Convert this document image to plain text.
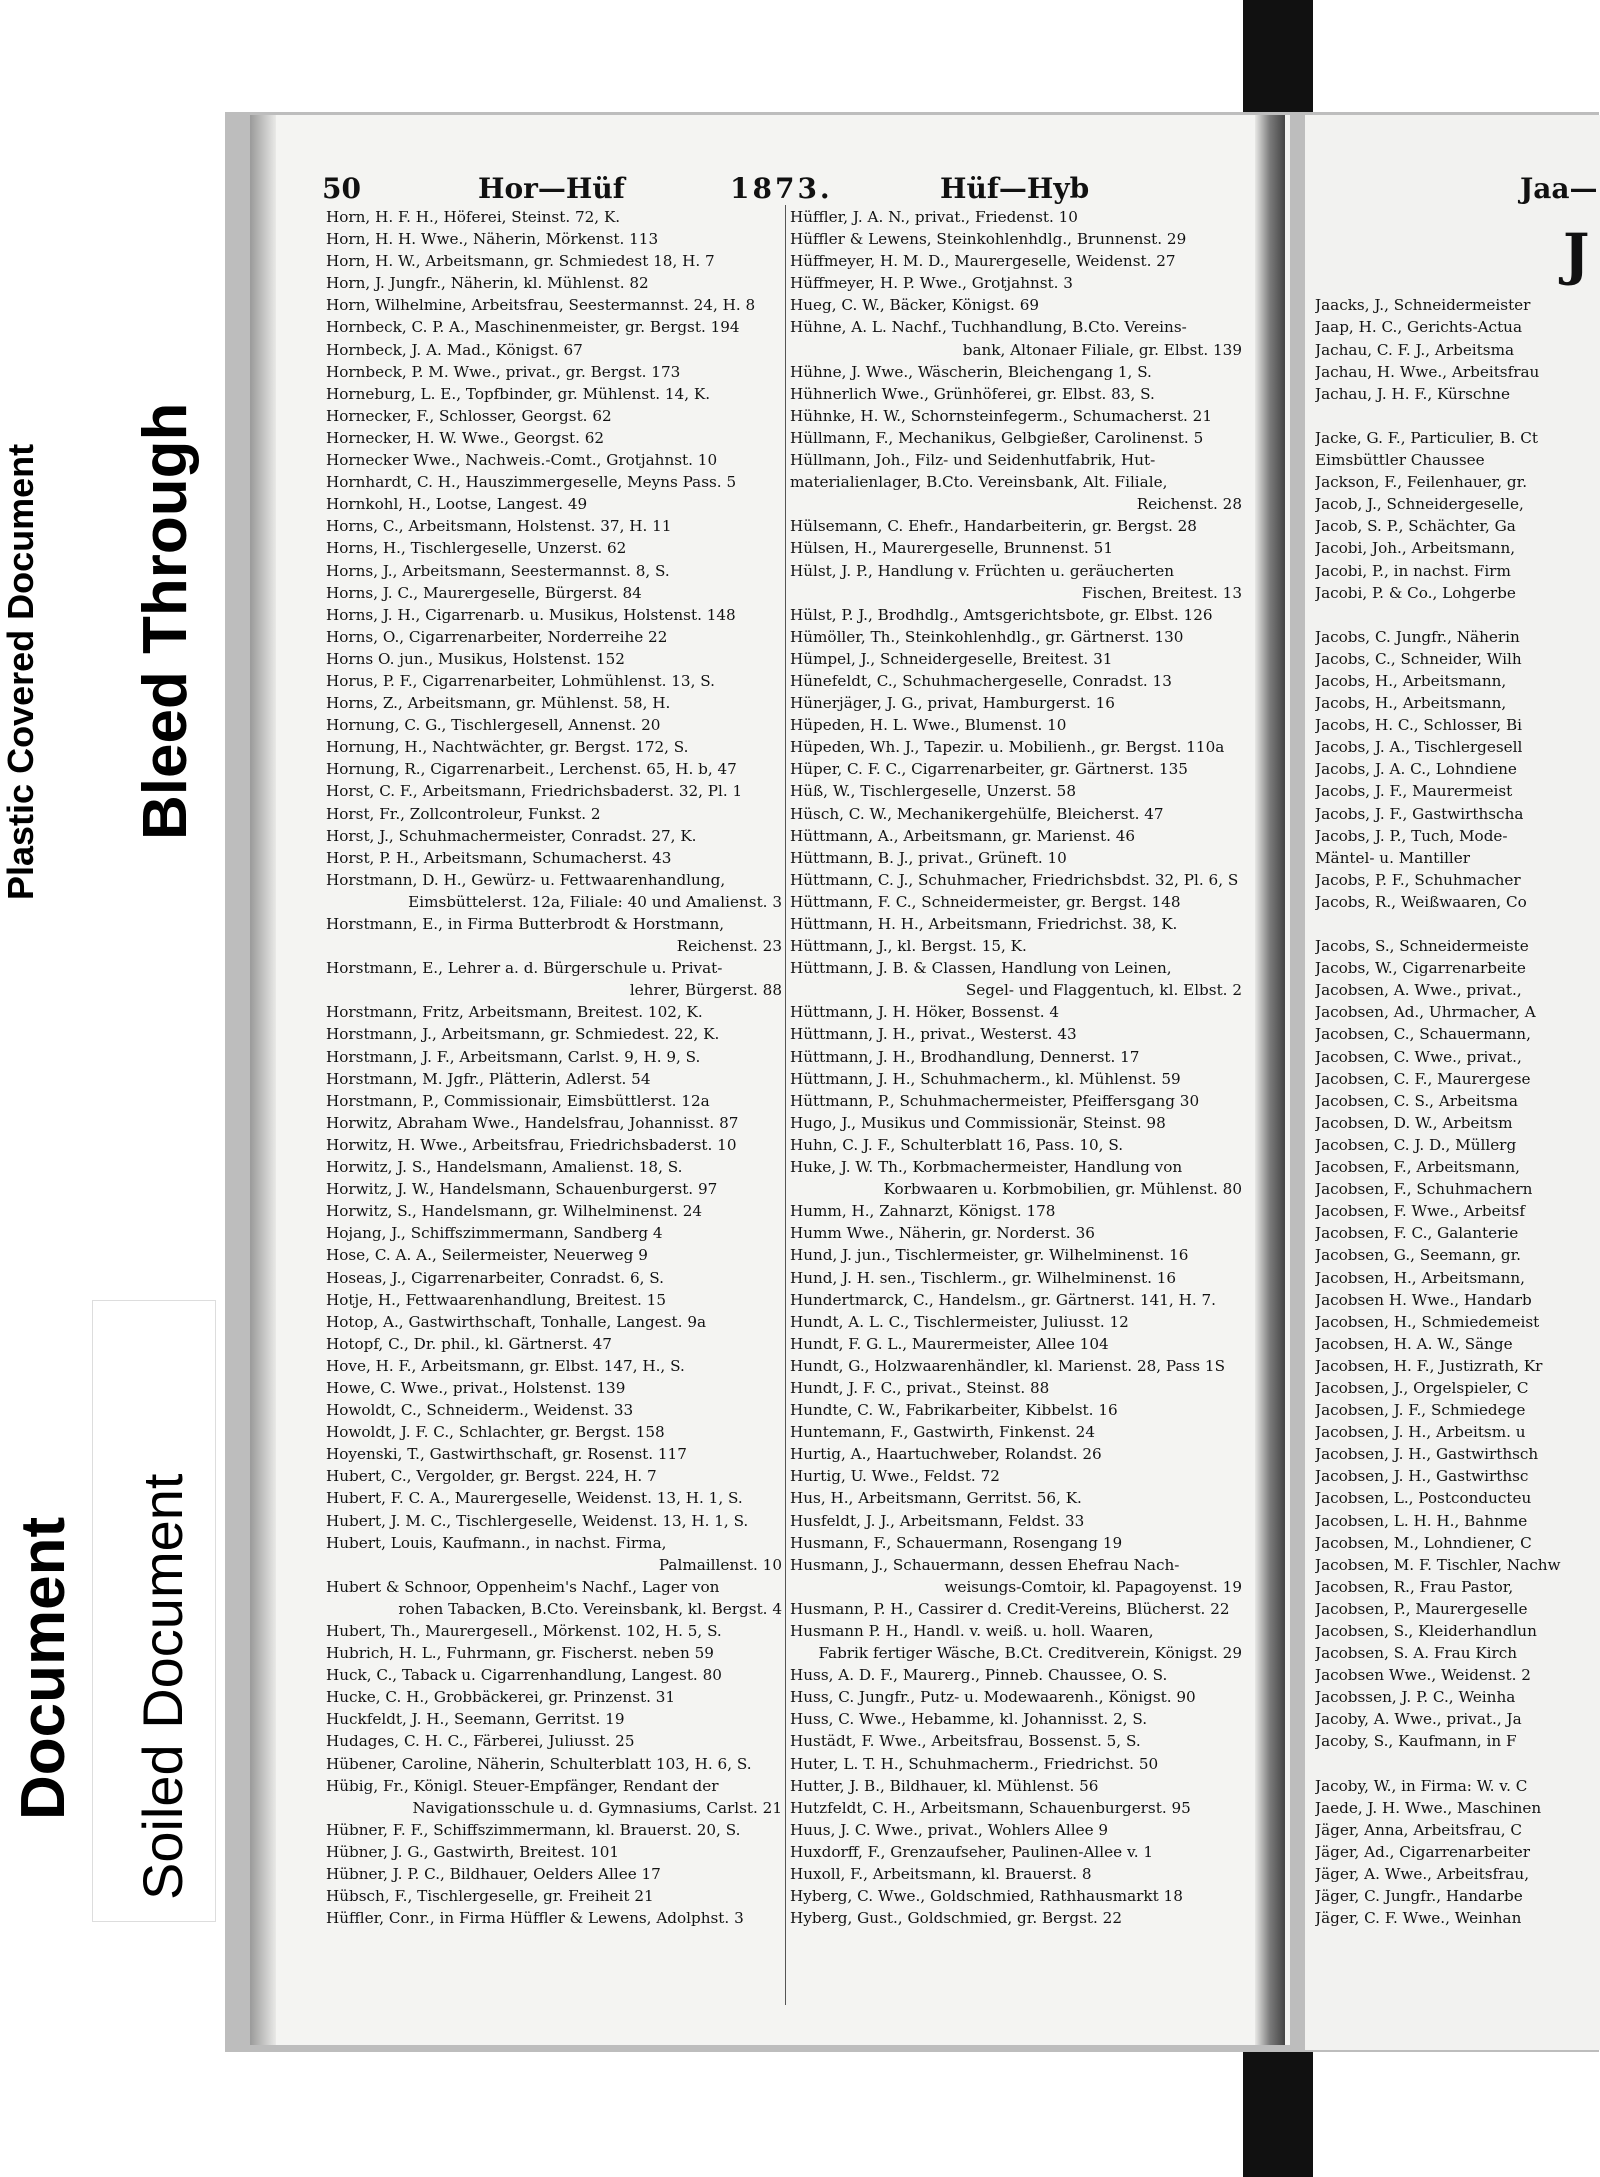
Plastic Covered Document Bleed Through
Document Soiled Document
50	Hor—Hüf	1873.	Hüf—Hyb	Jaa—
J
Horn, H. F. H., Höferei, Steinst. 72, K.
Horn, H. H. Wwe., Näherin, Mörkenst. 113
Horn, H. W., Arbeitsmann, gr. Schmiedest 18, H. 7
Horn, J. Jungfr., Näherin, kl. Mühlenst. 82
Horn, Wilhelmine, Arbeitsfrau, Seestermannst. 24, H. 8
Hornbeck, C. P. A., Maschinenmeister, gr. Bergst. 194
Hornbeck, J. A. Mad., Königst. 67
Hornbeck, P. M. Wwe., privat., gr. Bergst. 173
Horneburg, L. E., Topfbinder, gr. Mühlenst. 14, K.
Hornecker, F., Schlosser, Georgst. 62
Hornecker, H. W. Wwe., Georgst. 62
Hornecker Wwe., Nachweis.-Comt., Grotjahnst. 10
Hornhardt, C. H., Hauszimmergeselle, Meyns Pass. 5
Hornkohl, H., Lootse, Langest. 49
Horns, C., Arbeitsmann, Holstenst. 37, H. 11
Horns, H., Tischlergeselle, Unzerst. 62
Horns, J., Arbeitsmann, Seestermannst. 8, S.
Horns, J. C., Maurergeselle, Bürgerst. 84
Horns, J. H., Cigarrenarb. u. Musikus, Holstenst. 148
Horns, O., Cigarrenarbeiter, Norderreihe 22
Horns O. jun., Musikus, Holstenst. 152
Horus, P. F., Cigarrenarbeiter, Lohmühlenst. 13, S.
Horns, Z., Arbeitsmann, gr. Mühlenst. 58, H.
Hornung, C. G., Tischlergesell, Annenst. 20
Hornung, H., Nachtwächter, gr. Bergst. 172, S.
Hornung, R., Cigarrenarbeit., Lerchenst. 65, H. b, 47
Horst, C. F., Arbeitsmann, Friedrichsbaderst. 32, Pl. 1
Horst, Fr., Zollcontroleur, Funkst. 2
Horst, J., Schuhmachermeister, Conradst. 27, K.
Horst, P. H., Arbeitsmann, Schumacherst. 43
Horstmann, D. H., Gewürz- u. Fettwaarenhandlung,
Eimsbüttelerst. 12a, Filiale: 40 und Amalienst. 3
Horstmann, E., in Firma Butterbrodt & Horstmann,
Reichenst. 23
Horstmann, E., Lehrer a. d. Bürgerschule u. Privat-
lehrer, Bürgerst. 88
Horstmann, Fritz, Arbeitsmann, Breitest. 102, K.
Horstmann, J., Arbeitsmann, gr. Schmiedest. 22, K.
Horstmann, J. F., Arbeitsmann, Carlst. 9, H. 9, S.
Horstmann, M. Jgfr., Plätterin, Adlerst. 54
Horstmann, P., Commissionair, Eimsbüttlerst. 12a
Horwitz, Abraham Wwe., Handelsfrau, Johannisst. 87
Horwitz, H. Wwe., Arbeitsfrau, Friedrichsbaderst. 10
Horwitz, J. S., Handelsmann, Amalienst. 18, S.
Horwitz, J. W., Handelsmann, Schauenburgerst. 97
Horwitz, S., Handelsmann, gr. Wilhelminenst. 24
Hojang, J., Schiffszimmermann, Sandberg 4
Hose, C. A. A., Seilermeister, Neuerweg 9
Hoseas, J., Cigarrenarbeiter, Conradst. 6, S.
Hotje, H., Fettwaarenhandlung, Breitest. 15
Hotop, A., Gastwirthschaft, Tonhalle, Langest. 9a
Hotopf, C., Dr. phil., kl. Gärtnerst. 47
Hove, H. F., Arbeitsmann, gr. Elbst. 147, H., S.
Howe, C. Wwe., privat., Holstenst. 139
Howoldt, C., Schneiderm., Weidenst. 33
Howoldt, J. F. C., Schlachter, gr. Bergst. 158
Hoyenski, T., Gastwirthschaft, gr. Rosenst. 117
Hubert, C., Vergolder, gr. Bergst. 224, H. 7
Hubert, F. C. A., Maurergeselle, Weidenst. 13, H. 1, S.
Hubert, J. M. C., Tischlergeselle, Weidenst. 13, H. 1, S.
Hubert, Louis, Kaufmann., in nachst. Firma,
Palmaillenst. 10
Hubert & Schnoor, Oppenheim's Nachf., Lager von
rohen Tabacken, B.Cto. Vereinsbank, kl. Bergst. 4
Hubert, Th., Maurergesell., Mörkenst. 102, H. 5, S.
Hubrich, H. L., Fuhrmann, gr. Fischerst. neben 59
Huck, C., Taback u. Cigarrenhandlung, Langest. 80
Hucke, C. H., Grobbäckerei, gr. Prinzenst. 31
Huckfeldt, J. H., Seemann, Gerritst. 19
Hudages, C. H. C., Färberei, Juliusst. 25
Hübener, Caroline, Näherin, Schulterblatt 103, H. 6, S.
Hübig, Fr., Königl. Steuer-Empfänger, Rendant der
Navigationsschule u. d. Gymnasiums, Carlst. 21
Hübner, F. F., Schiffszimmermann, kl. Brauerst. 20, S.
Hübner, J. G., Gastwirth, Breitest. 101
Hübner, J. P. C., Bildhauer, Oelders Allee 17
Hübsch, F., Tischlergeselle, gr. Freiheit 21
Hüffler, Conr., in Firma Hüffler & Lewens, Adolphst. 3
Hüffler, J. A. N., privat., Friedenst. 10
Hüffler & Lewens, Steinkohlenhdlg., Brunnenst. 29
Hüffmeyer, H. M. D., Maurergeselle, Weidenst. 27
Hüffmeyer, H. P. Wwe., Grotjahnst. 3
Hueg, C. W., Bäcker, Königst. 69
Hühne, A. L. Nachf., Tuchhandlung, B.Cto. Vereins-
bank, Altonaer Filiale, gr. Elbst. 139
Hühne, J. Wwe., Wäscherin, Bleichengang 1, S.
Hühnerlich Wwe., Grünhöferei, gr. Elbst. 83, S.
Hühnke, H. W., Schornsteinfegerm., Schumacherst. 21
Hüllmann, F., Mechanikus, Gelbgießer, Carolinenst. 5
Hüllmann, Joh., Filz- und Seidenhutfabrik, Hut-
materialienlager, B.Cto. Vereinsbank, Alt. Filiale,
Reichenst. 28
Hülsemann, C. Ehefr., Handarbeiterin, gr. Bergst. 28
Hülsen, H., Maurergeselle, Brunnenst. 51
Hülst, J. P., Handlung v. Früchten u. geräucherten
Fischen, Breitest. 13
Hülst, P. J., Brodhdlg., Amtsgerichtsbote, gr. Elbst. 126
Hümöller, Th., Steinkohlenhdlg., gr. Gärtnerst. 130
Hümpel, J., Schneidergeselle, Breitest. 31
Hünefeldt, C., Schuhmachergeselle, Conradst. 13
Hünerjäger, J. G., privat, Hamburgerst. 16
Hüpeden, H. L. Wwe., Blumenst. 10
Hüpeden, Wh. J., Tapezir. u. Mobilienh., gr. Bergst. 110a
Hüper, C. F. C., Cigarrenarbeiter, gr. Gärtnerst. 135
Hüß, W., Tischlergeselle, Unzerst. 58
Hüsch, C. W., Mechanikergehülfe, Bleicherst. 47
Hüttmann, A., Arbeitsmann, gr. Marienst. 46
Hüttmann, B. J., privat., Grüneft. 10
Hüttmann, C. J., Schuhmacher, Friedrichsbdst. 32, Pl. 6, S
Hüttmann, F. C., Schneidermeister, gr. Bergst. 148
Hüttmann, H. H., Arbeitsmann, Friedrichst. 38, K.
Hüttmann, J., kl. Bergst. 15, K.
Hüttmann, J. B. & Classen, Handlung von Leinen,
Segel- und Flaggentuch, kl. Elbst. 2
Hüttmann, J. H. Höker, Bossenst. 4
Hüttmann, J. H., privat., Westerst. 43
Hüttmann, J. H., Brodhandlung, Dennerst. 17
Hüttmann, J. H., Schuhmacherm., kl. Mühlenst. 59
Hüttmann, P., Schuhmachermeister, Pfeiffersgang 30
Hugo, J., Musikus und Commissionär, Steinst. 98
Huhn, C. J. F., Schulterblatt 16, Pass. 10, S.
Huke, J. W. Th., Korbmachermeister, Handlung von
Korbwaaren u. Korbmobilien, gr. Mühlenst. 80
Humm, H., Zahnarzt, Königst. 178
Humm Wwe., Näherin, gr. Norderst. 36
Hund, J. jun., Tischlermeister, gr. Wilhelminenst. 16
Hund, J. H. sen., Tischlerm., gr. Wilhelminenst. 16
Hundertmarck, C., Handelsm., gr. Gärtnerst. 141, H. 7.
Hundt, A. L. C., Tischlermeister, Juliusst. 12
Hundt, F. G. L., Maurermeister, Allee 104
Hundt, G., Holzwaarenhändler, kl. Marienst. 28, Pass 1S
Hundt, J. F. C., privat., Steinst. 88
Hundte, C. W., Fabrikarbeiter, Kibbelst. 16
Huntemann, F., Gastwirth, Finkenst. 24
Hurtig, A., Haartuchweber, Rolandst. 26
Hurtig, U. Wwe., Feldst. 72
Hus, H., Arbeitsmann, Gerritst. 56, K.
Husfeldt, J. J., Arbeitsmann, Feldst. 33
Husmann, F., Schauermann, Rosengang 19
Husmann, J., Schauermann, dessen Ehefrau Nach-
weisungs-Comtoir, kl. Papagoyenst. 19
Husmann, P. H., Cassirer d. Credit-Vereins, Blücherst. 22
Husmann P. H., Handl. v. weiß. u. holl. Waaren,
Fabrik fertiger Wäsche, B.Ct. Creditverein, Königst. 29
Huss, A. D. F., Maurerg., Pinneb. Chaussee, O. S.
Huss, C. Jungfr., Putz- u. Modewaarenh., Königst. 90
Huss, C. Wwe., Hebamme, kl. Johannisst. 2, S.
Hustädt, F. Wwe., Arbeitsfrau, Bossenst. 5, S.
Huter, L. T. H., Schuhmacherm., Friedrichst. 50
Hutter, J. B., Bildhauer, kl. Mühlenst. 56
Hutzfeldt, C. H., Arbeitsmann, Schauenburgerst. 95
Huus, J. C. Wwe., privat., Wohlers Allee 9
Huxdorff, F., Grenzaufseher, Paulinen-Allee v. 1
Huxoll, F., Arbeitsmann, kl. Brauerst. 8
Hyberg, C. Wwe., Goldschmied, Rathhausmarkt 18
Hyberg, Gust., Goldschmied, gr. Bergst. 22
Jaacks, J., Schneidermeister
Jaap, H. C., Gerichts-Actua
Jachau, C. F. J., Arbeitsma
Jachau, H. Wwe., Arbeitsfrau
Jachau, J. H. F., Kürschne
Jacke, G. F., Particulier, B. Ct
Eimsbüttler Chaussee
Jackson, F., Feilenhauer, gr.
Jacob, J., Schneidergeselle,
Jacob, S. P., Schächter, Ga
Jacobi, Joh., Arbeitsmann,
Jacobi, P., in nachst. Firm
Jacobi, P. & Co., Lohgerbe
Jacobs, C. Jungfr., Näherin
Jacobs, C., Schneider, Wilh
Jacobs, H., Arbeitsmann,
Jacobs, H., Arbeitsmann,
Jacobs, H. C., Schlosser, Bi
Jacobs, J. A., Tischlergesell
Jacobs, J. A. C., Lohndiene
Jacobs, J. F., Maurermeist
Jacobs, J. F., Gastwirthscha
Jacobs, J. P., Tuch, Mode-
Mäntel- u. Mantiller
Jacobs, P. F., Schuhmacher
Jacobs, R., Weißwaaren, Co
Jacobs, S., Schneidermeiste
Jacobs, W., Cigarrenarbeite
Jacobsen, A. Wwe., privat.,
Jacobsen, Ad., Uhrmacher, A
Jacobsen, C., Schauermann,
Jacobsen, C. Wwe., privat.,
Jacobsen, C. F., Maurergese
Jacobsen, C. S., Arbeitsma
Jacobsen, D. W., Arbeitsm
Jacobsen, C. J. D., Müllerg
Jacobsen, F., Arbeitsmann,
Jacobsen, F., Schuhmachern
Jacobsen, F. Wwe., Arbeitsf
Jacobsen, F. C., Galanterie
Jacobsen, G., Seemann, gr.
Jacobsen, H., Arbeitsmann,
Jacobsen H. Wwe., Handarb
Jacobsen, H., Schmiedemeist
Jacobsen, H. A. W., Sänge
Jacobsen, H. F., Justizrath, Kr
Jacobsen, J., Orgelspieler, C
Jacobsen, J. F., Schmiedege
Jacobsen, J. H., Arbeitsm. u
Jacobsen, J. H., Gastwirthsch
Jacobsen, J. H., Gastwirthsc
Jacobsen, L., Postconducteu
Jacobsen, L. H. H., Bahnme
Jacobsen, M., Lohndiener, C
Jacobsen, M. F. Tischler, Nachw
Jacobsen, R., Frau Pastor,
Jacobsen, P., Maurergeselle
Jacobsen, S., Kleiderhandlun
Jacobsen, S. A. Frau Kirch
Jacobsen Wwe., Weidenst. 2
Jacobssen, J. P. C., Weinha
Jacoby, A. Wwe., privat., Ja
Jacoby, S., Kaufmann, in F
Jacoby, W., in Firma: W. v. C
Jaede, J. H. Wwe., Maschinen
Jäger, Anna, Arbeitsfrau, C
Jäger, Ad., Cigarrenarbeiter
Jäger, A. Wwe., Arbeitsfrau,
Jäger, C. Jungfr., Handarbe
Jäger, C. F. Wwe., Weinhan
